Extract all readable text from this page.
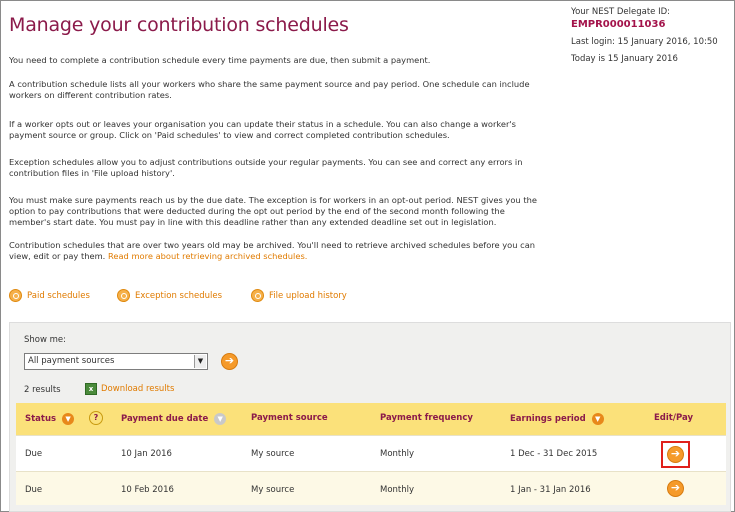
Manage your contribution schedules
Your NEST Delegate ID:
EMPR000011036
Last login: 15 January 2016, 10:50
Today is 15 January 2016

You need to complete a contribution schedule every time payments are due, then submit a payment.

A contribution schedule lists all your workers who share the same payment source and pay period. One schedule can include workers on different contribution rates.

If a worker opts out or leaves your organisation you can update their status in a schedule. You can also change a worker's payment source or group. Click on 'Paid schedules' to view and correct completed contribution schedules.

Exception schedules allow you to adjust contributions outside your regular payments. You can see and correct any errors in contribution files in 'File upload history'.

You must make sure payments reach us by the due date. The exception is for workers in an opt-out period. NEST gives you the option to pay contributions that were deducted during the opt out period by the end of the second month following the member's start date. You must pay in line with this deadline rather than any extended deadline set out in legislation.

Contribution schedules that are over two years old may be archived. You'll need to retrieve archived schedules before you can view, edit or pay them. Read more about retrieving archived schedules.

Paid schedules	Exception schedules	File upload history
Show me:
All payment sources	▼	➔
2 results	x Download results
Status	▼	?	Payment due date	▼	Payment source	Payment frequency	Earnings period	▼	Edit/Pay
Due	10 Jan 2016	My source	Monthly	1 Dec - 31 Dec 2015	➔
Due	10 Feb 2016	My source	Monthly	1 Jan - 31 Jan 2016	➔
